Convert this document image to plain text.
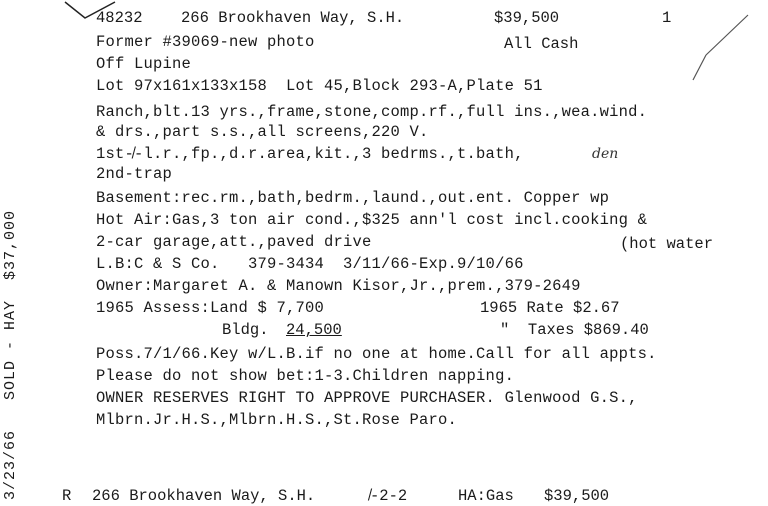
48232 266 Brookhaven Way, S.H.	$39,500	1
All Cash
Former #39069-new photo
Off Lupine
Lot 97x161x133x158  Lot 45,Block 293-A,Plate 51
Ranch,blt.13 yrs.,frame,stone,comp.rf.,full ins.,wea.wind.
& drs.,part s.s.,all screens,220 V.
1st-̸-l.r.,fp.,d.r.area,kit.,3 bedrms.,t.bath,	den
2nd-trap
Basement:rec.rm.,bath,bedrm.,laund.,out.ent. Copper wp
Hot Air:Gas,3 ton air cond.,$325 ann'l cost incl.cooking &
2-car garage,att.,paved drive	(hot water
L.B:C & S Co.   379-3434  3/11/66-Exp.9/10/66
Owner:Margaret A. & Manown Kisor,Jr.,prem.,379-2649
1965 Assess:Land $ 7,700	1965 Rate $2.67
Bldg. 24,500	"  Taxes $869.40
Poss.7/1/66.Key w/L.B.if no one at home.Call for all appts.
Please do not show bet:1-3.Children napping.
OWNER RESERVES RIGHT TO APPROVE PURCHASER. Glenwood G.S.,
Mlbrn.Jr.H.S.,Mlbrn.H.S.,St.Rose Paro.
3/23/66   SOLD - HAY  $37,000	R 266 Brookhaven Way, S.H.	̸-2-2	HA:Gas $39,500
